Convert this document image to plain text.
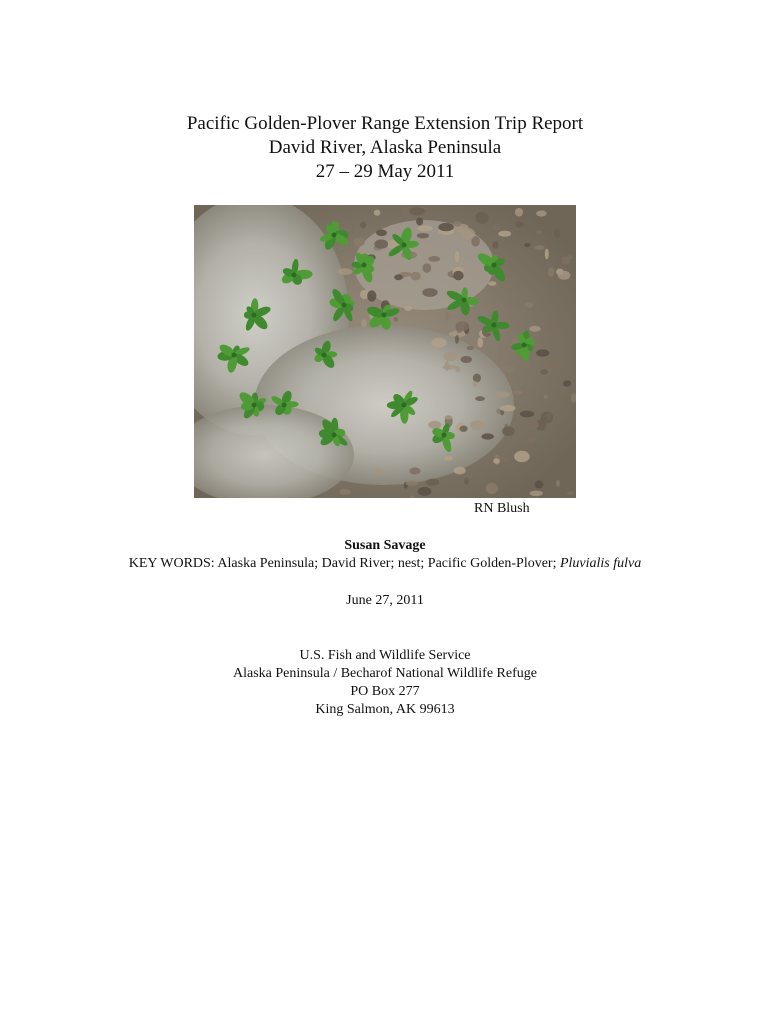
Pacific Golden-Plover Range Extension Trip Report
David River, Alaska Peninsula
27 – 29 May 2011
RN Blush
Susan Savage
KEY WORDS: Alaska Peninsula; David River; nest; Pacific Golden-Plover; Pluvialis fulva
June 27, 2011
U.S. Fish and Wildlife Service
Alaska Peninsula / Becharof National Wildlife Refuge
PO Box 277
King Salmon, AK 99613
